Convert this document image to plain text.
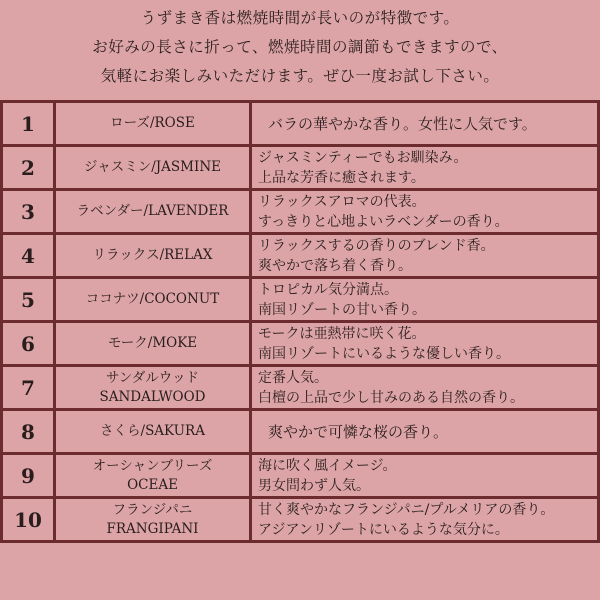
うずまき香は燃焼時間が長いのが特徴です。
お好みの長さに折って、燃焼時間の調節もできますので、
気軽にお楽しみいただけます。ぜひ一度お試し下さい。
1	ローズ/ROSE	バラの華やかな香り。女性に人気です。

2	ジャスミン/JASMINE	ジャスミンティーでもお馴染み。
上品な芳香に癒されます。

3	ラベンダー/LAVENDER	リラックスアロマの代表。
すっきりと心地よいラベンダーの香り。

4	リラックス/RELAX	リラックスするの香りのブレンド香。
爽やかで落ち着く香り。

5	ココナツ/COCONUT	トロピカル気分満点。
南国リゾートの甘い香り。

6	モーク/MOKE	モークは亜熱帯に咲く花。
南国リゾートにいるような優しい香り。

7	サンダルウッド
SANDALWOOD	定番人気。
白檀の上品で少し甘みのある自然の香り。

8	さくら/SAKURA	爽やかで可憐な桜の香り。

9	オーシャンブリーズ
OCEAE	海に吹く風イメージ。
男女問わず人気。

10	フランジパニ
FRANGIPANI	甘く爽やかなフランジパニ/プルメリアの香り。
アジアンリゾートにいるような気分に。
